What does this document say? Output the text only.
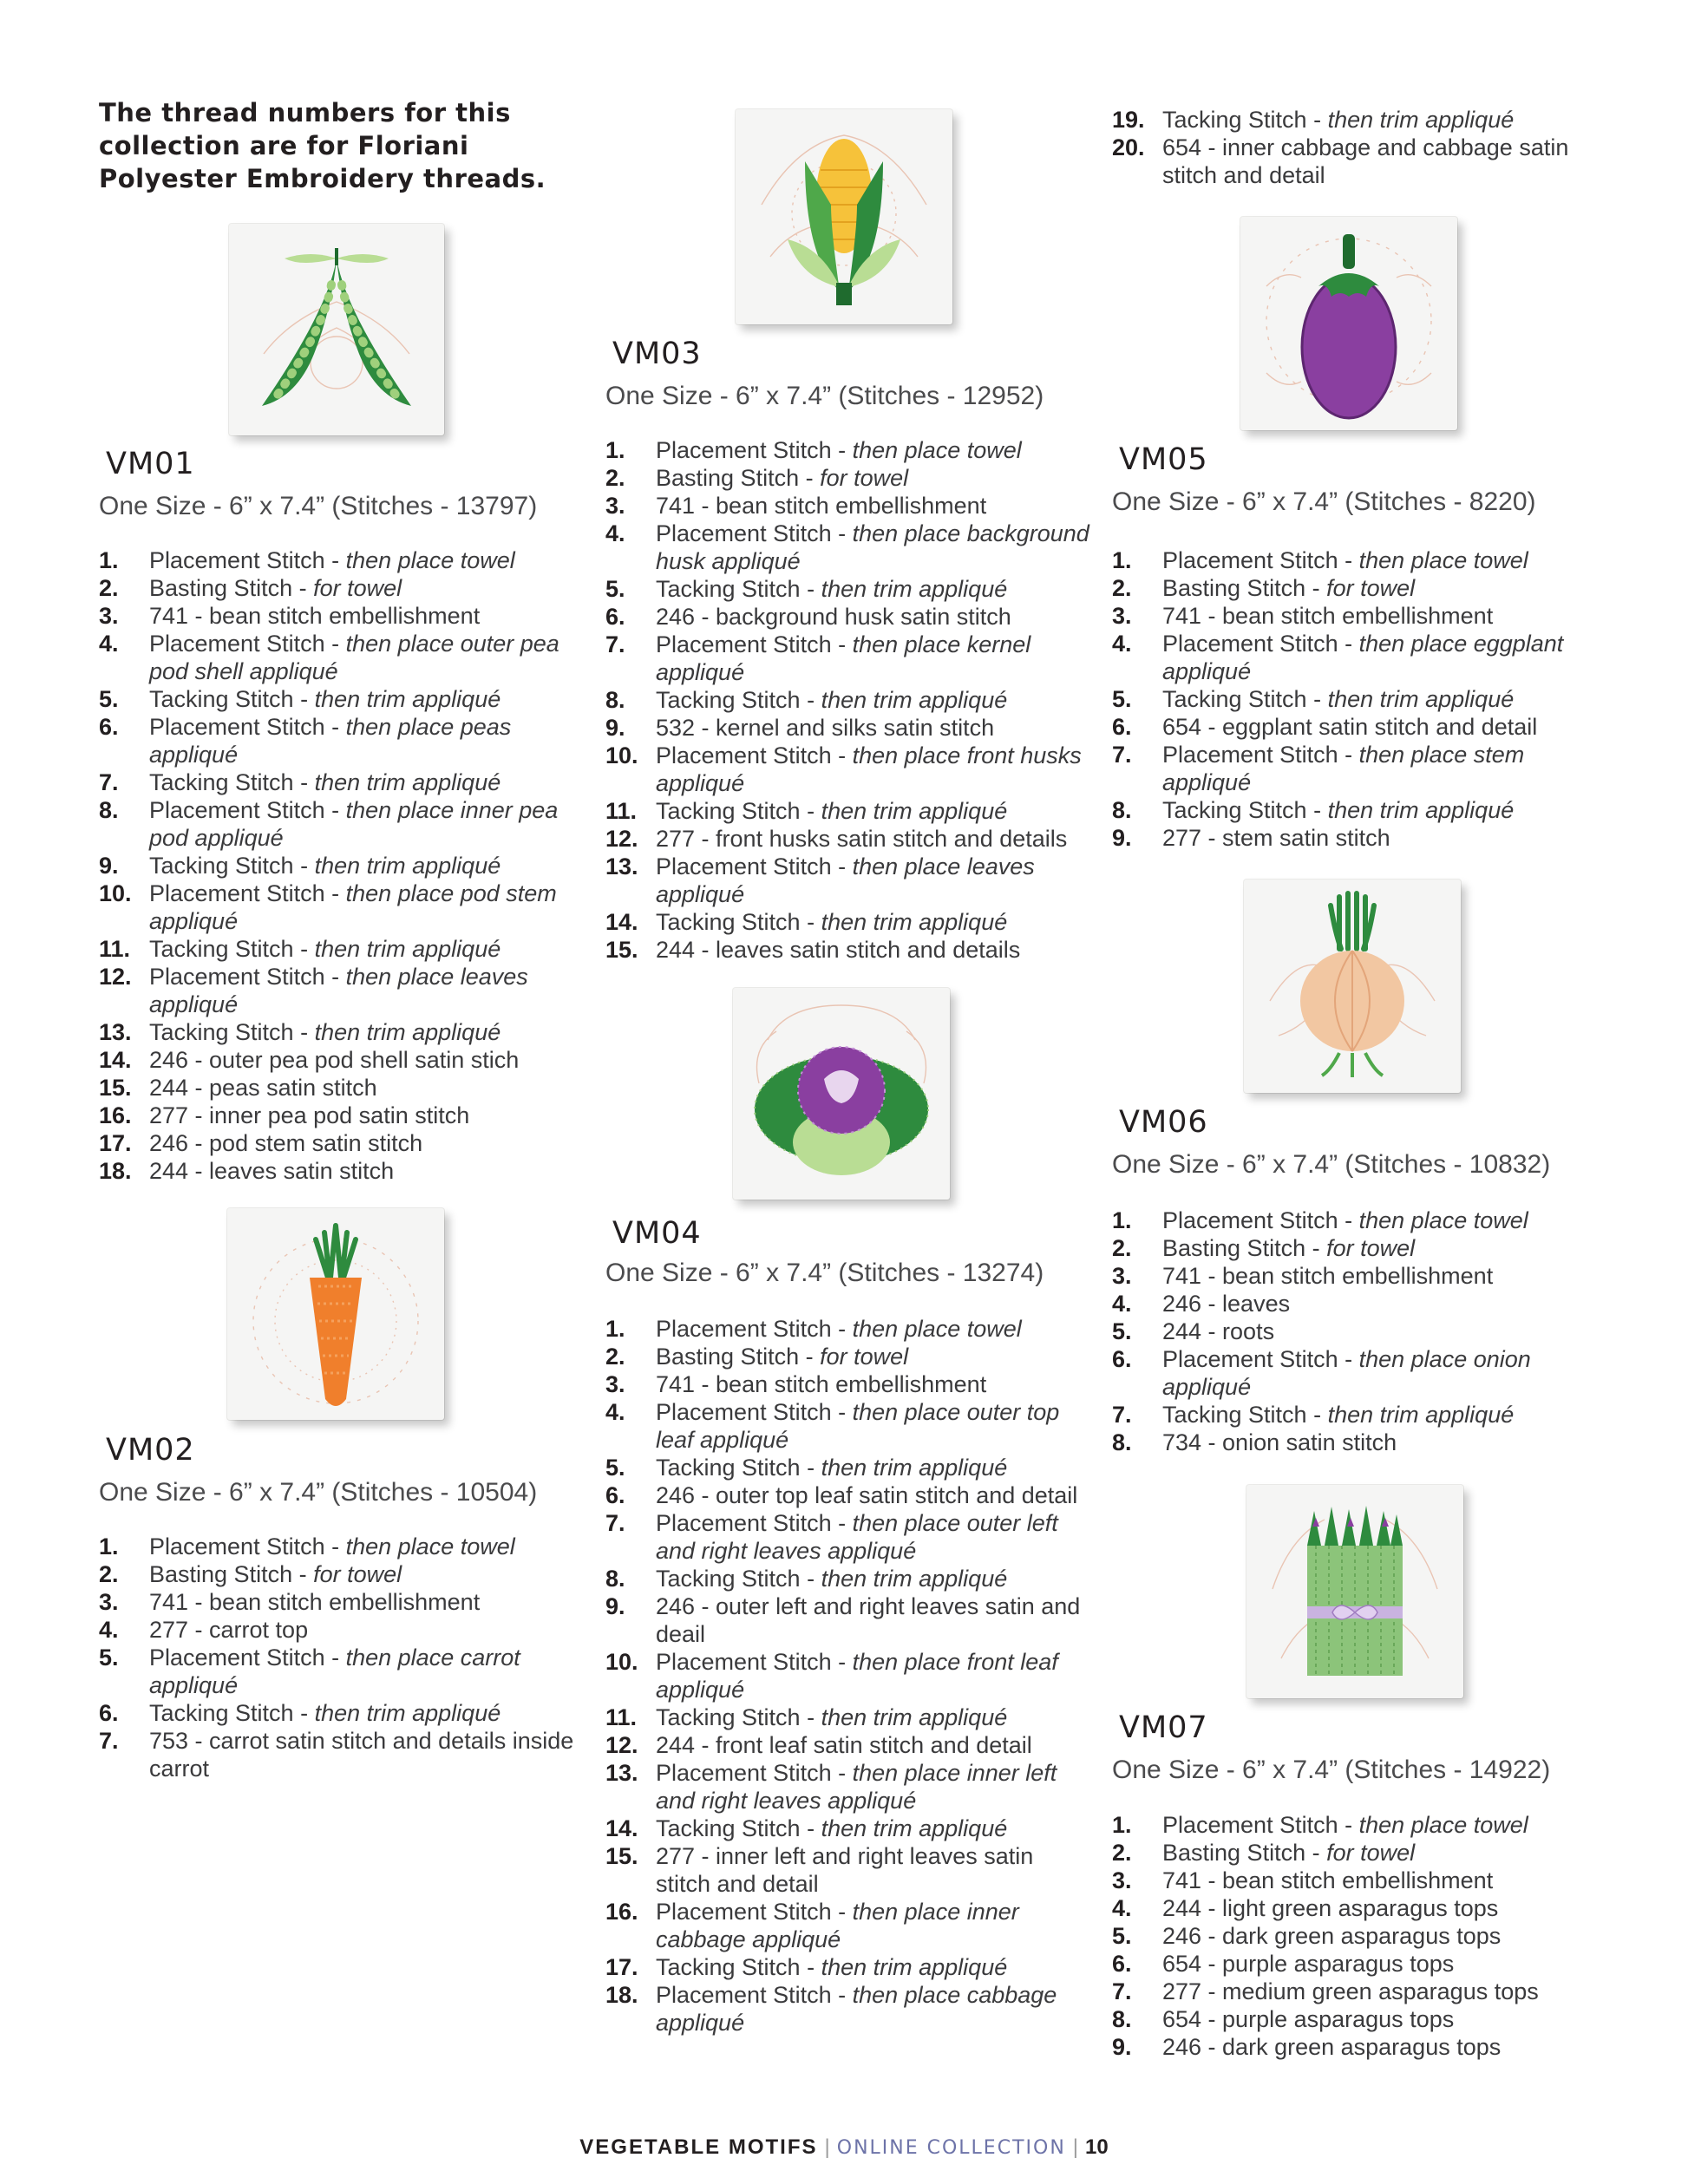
The thread numbers for this collection are for Floriani Polyester Embroidery threads.
VM01
One Size - 6” x 7.4” (Stitches - 13797)
1. Placement Stitch - then place towel
2. Basting Stitch - for towel
3. 741 - bean stitch embellishment
4. Placement Stitch - then place outer pea pod shell appliqué
5. Tacking Stitch - then trim appliqué
6. Placement Stitch - then place peas appliqué
7. Tacking Stitch - then trim appliqué
8. Placement Stitch - then place inner pea pod appliqué
9. Tacking Stitch - then trim appliqué
10. Placement Stitch - then place pod stem appliqué
11. Tacking Stitch - then trim appliqué
12. Placement Stitch - then place leaves appliqué
13. Tacking Stitch - then trim appliqué
14. 246 - outer pea pod shell satin stich
15. 244 - peas satin stitch
16. 277 - inner pea pod satin stitch
17. 246 - pod stem satin stitch
18. 244 - leaves satin stitch
VM02
One Size - 6” x 7.4” (Stitches - 10504)
1. Placement Stitch - then place towel
2. Basting Stitch - for towel
3. 741 - bean stitch embellishment
4. 277 - carrot top
5. Placement Stitch - then place carrot appliqué
6. Tacking Stitch - then trim appliqué
7. 753 - carrot satin stitch and details inside carrot
VM03
One Size - 6” x 7.4” (Stitches - 12952)
1. Placement Stitch - then place towel
2. Basting Stitch - for towel
3. 741 - bean stitch embellishment
4. Placement Stitch - then place background husk appliqué
5. Tacking Stitch - then trim appliqué
6. 246 - background husk satin stitch
7. Placement Stitch - then place kernel appliqué
8. Tacking Stitch - then trim appliqué
9. 532 - kernel and silks satin stitch
10. Placement Stitch - then place front husks appliqué
11. Tacking Stitch - then trim appliqué
12. 277 - front husks satin stitch and details
13. Placement Stitch - then place leaves appliqué
14. Tacking Stitch - then trim appliqué
15. 244 - leaves satin stitch and details
VM04
One Size - 6” x 7.4” (Stitches - 13274)
1. Placement Stitch - then place towel
2. Basting Stitch - for towel
3. 741 - bean stitch embellishment
4. Placement Stitch - then place outer top leaf appliqué
5. Tacking Stitch - then trim appliqué
6. 246 - outer top leaf satin stitch and detail
7. Placement Stitch - then place outer left and right leaves appliqué
8. Tacking Stitch - then trim appliqué
9. 246 - outer left and right leaves satin and deail
10. Placement Stitch - then place front leaf appliqué
11. Tacking Stitch - then trim appliqué
12. 244 - front leaf satin stitch and detail
13. Placement Stitch - then place inner left and right leaves appliqué
14. Tacking Stitch - then trim appliqué
15. 277 - inner left and right leaves satin stitch and detail
16. Placement Stitch - then place inner cabbage appliqué
17. Tacking Stitch - then trim appliqué
18. Placement Stitch - then place cabbage appliqué
19. Tacking Stitch - then trim appliqué
20. 654 - inner cabbage and cabbage satin stitch and detail
VM05
One Size - 6” x 7.4” (Stitches - 8220)
1. Placement Stitch - then place towel
2. Basting Stitch - for towel
3. 741 - bean stitch embellishment
4. Placement Stitch - then place eggplant appliqué
5. Tacking Stitch - then trim appliqué
6. 654 - eggplant satin stitch and detail
7. Placement Stitch - then place stem appliqué
8. Tacking Stitch - then trim appliqué
9. 277 - stem satin stitch
VM06
One Size - 6” x 7.4” (Stitches - 10832)
1. Placement Stitch - then place towel
2. Basting Stitch - for towel
3. 741 - bean stitch embellishment
4. 246 - leaves
5. 244 - roots
6. Placement Stitch - then place onion appliqué
7. Tacking Stitch - then trim appliqué
8. 734 - onion satin stitch
VM07
One Size - 6” x 7.4” (Stitches - 14922)
1. Placement Stitch - then place towel
2. Basting Stitch - for towel
3. 741 - bean stitch embellishment
4. 244 - light green asparagus tops
5. 246 - dark green asparagus tops
6. 654 - purple asparagus tops
7. 277 - medium green asparagus tops
8. 654 - purple asparagus tops
9. 246 - dark green asparagus tops
VEGETABLE MOTIFS | ONLINE COLLECTION | 10
